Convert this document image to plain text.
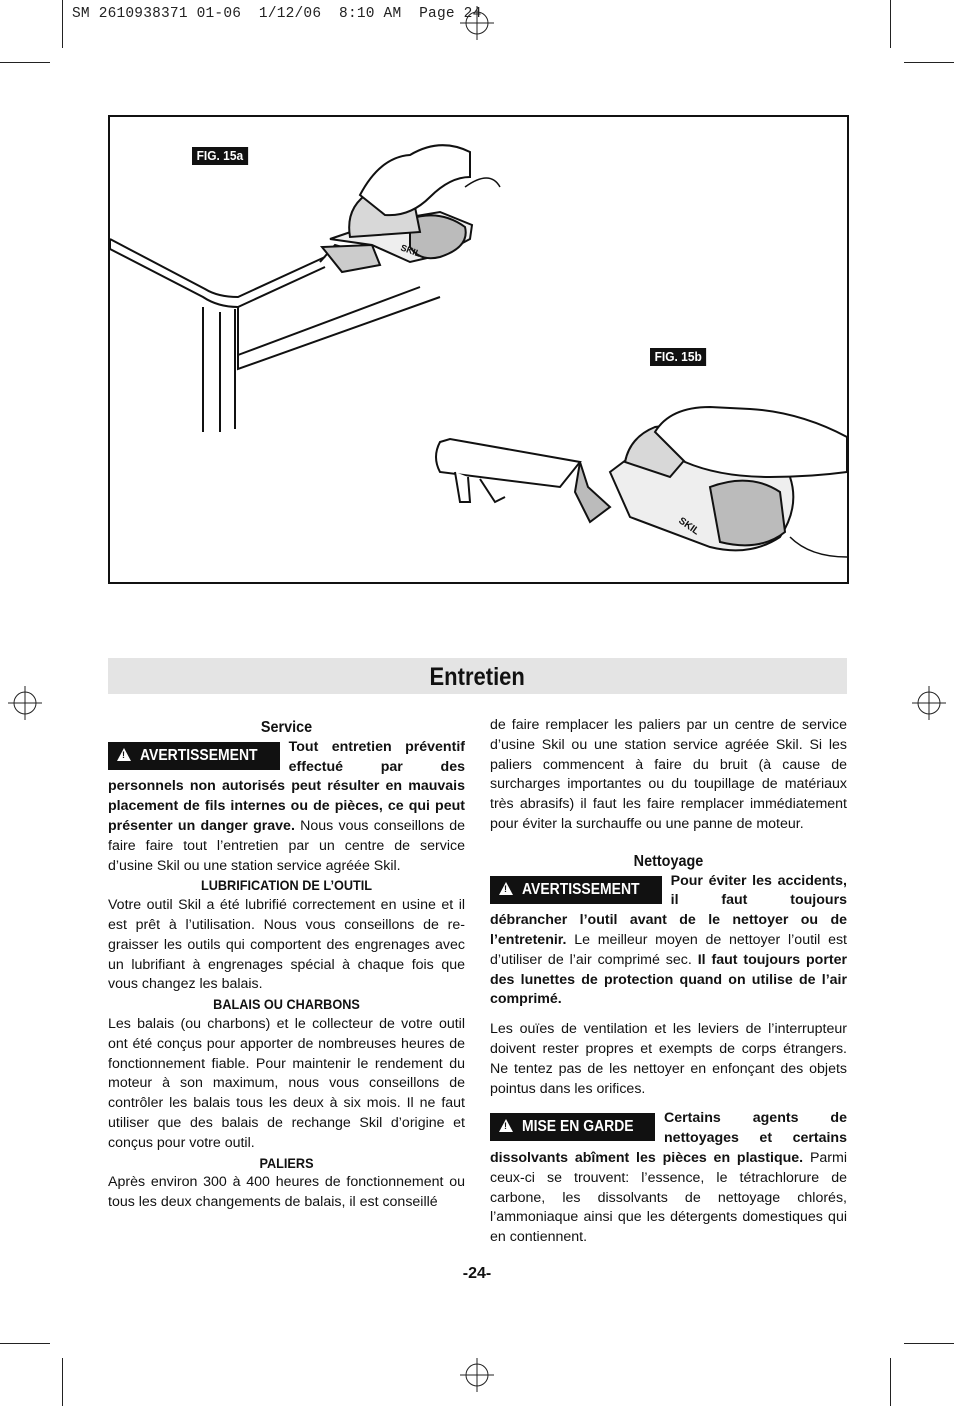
SM 2610938371 01-06  1/12/06  8:10 AM  Page 24
SKIL
SKIL
FIG. 15a
FIG. 15b
Entretien

Service

!AVERTISSEMENT	Tout entretien préventif effectué par des personnels non autorisés peut résulter en mauvais placement de fils internes ou de pièces, ce qui peut présenter un danger grave. Nous vous conseillons de faire faire tout l’entretien par un centre de service d’usine Skil ou une station service agréée Skil.

LUBRIFICATION DE L’OUTIL

Votre outil Skil a été lubrifié correctement en usine et il est prêt à l’utilisation. Nous vous conseillons de re-graisser les outils qui comportent des engrenages avec un lubrifiant à engrenages spécial à chaque fois que vous changez les balais.

BALAIS OU CHARBONS

Les balais (ou charbons) et le collecteur de votre outil ont été conçus pour apporter de nombreuses heures de fonctionnement fiable. Pour maintenir le rendement du moteur à son maximum, nous vous conseillons de contrôler les balais tous les deux à six mois. Il ne faut utiliser que des balais de rechange Skil d’origine et conçus pour votre outil.

PALIERS

Après environ 300 à 400 heures de fonctionnement ou tous les deux changements de balais, il est conseillé

de faire remplacer les paliers par un centre de service d’usine Skil ou une station service agréée Skil. Si les paliers commencent à faire du bruit (à cause de surcharges importantes ou du toupillage de matériaux très abrasifs) il faut les faire remplacer immédiatement pour éviter la surchauffe ou une panne de moteur.

Nettoyage

!AVERTISSEMENT	Pour éviter les accidents, il faut toujours débrancher l’outil avant de le nettoyer ou de l’entretenir. Le meilleur moyen de nettoyer l’outil est d’utiliser de l’air comprimé sec. Il faut toujours porter des lunettes de protection quand on utilise de l’air comprimé.

Les ouïes de ventilation et les leviers de l’interrupteur doivent rester propres et exempts de corps étrangers. Ne tentez pas de les nettoyer en enfonçant des objets pointus dans les orifices.

!MISE EN GARDE	Certains agents de nettoyages et certains dissolvants abîment les pièces en plastique. Parmi ceux-ci se trouvent: l’essence, le tétrachlorure de carbone, les dissolvants de nettoyage chlorés, l’ammoniaque ainsi que les détergents domestiques qui en contiennent.

-24-
